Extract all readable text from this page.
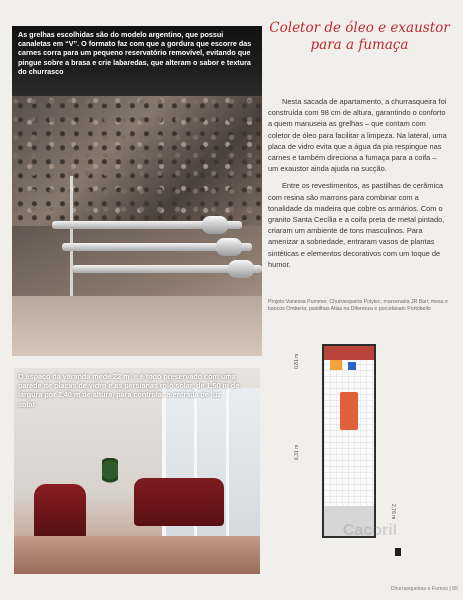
As grelhas escolhidas são do modelo argentino, que possui canaletas em “V”. O formato faz com que a gordura que escorre das carnes corra para um pequeno reservatório removível, evitando que pingue sobre a brasa e crie labaredas, que alteram o sabor e textura do churrasco
Coletor de óleo e exaustor
para a fumaça

Nesta sacada de apartamento, a churrasqueira foi construída com 98 cm de altura, garantindo o conforto a quem manuseia as grelhas – que contam com coletor de óleo para facilitar a limpeza. Na lateral, uma placa de vidro evita que a água da pia respingue nas carnes e também direciona a fumaça para a coifa – um exaustor ainda ajuda na sucção.

Entre os revestimentos, as pastilhas de cerâmica com resina são marrons para combinar com a tonalidade da madeira que cobre os armários. Com o granito Santa Cecília e a coifa preta de metal pintado, criaram um ambiente de tons masculinos. Para amenizar a sobriedade, entraram vasos de plantas sintéticas e elementos decorativos com um toque de humor.

Projeto Vanessa Pummer. Churrasqueira Polytec; marcenaria JR Bari; mesa e bancos Omberia; pastilhas Atlas na Diferenza e porcelanato Portobello
O espaço da varanda mede 22 m² e é todo preservado com uma parede de placas de vidro e as persianas rolô solar, de 1,50 m de largura por 2,40 m de altura, para controlar a entrada de luz solar
0,81 m
6,31 m
2,76 m
Cacoril
Churrasqueiras e Fornos | 65
